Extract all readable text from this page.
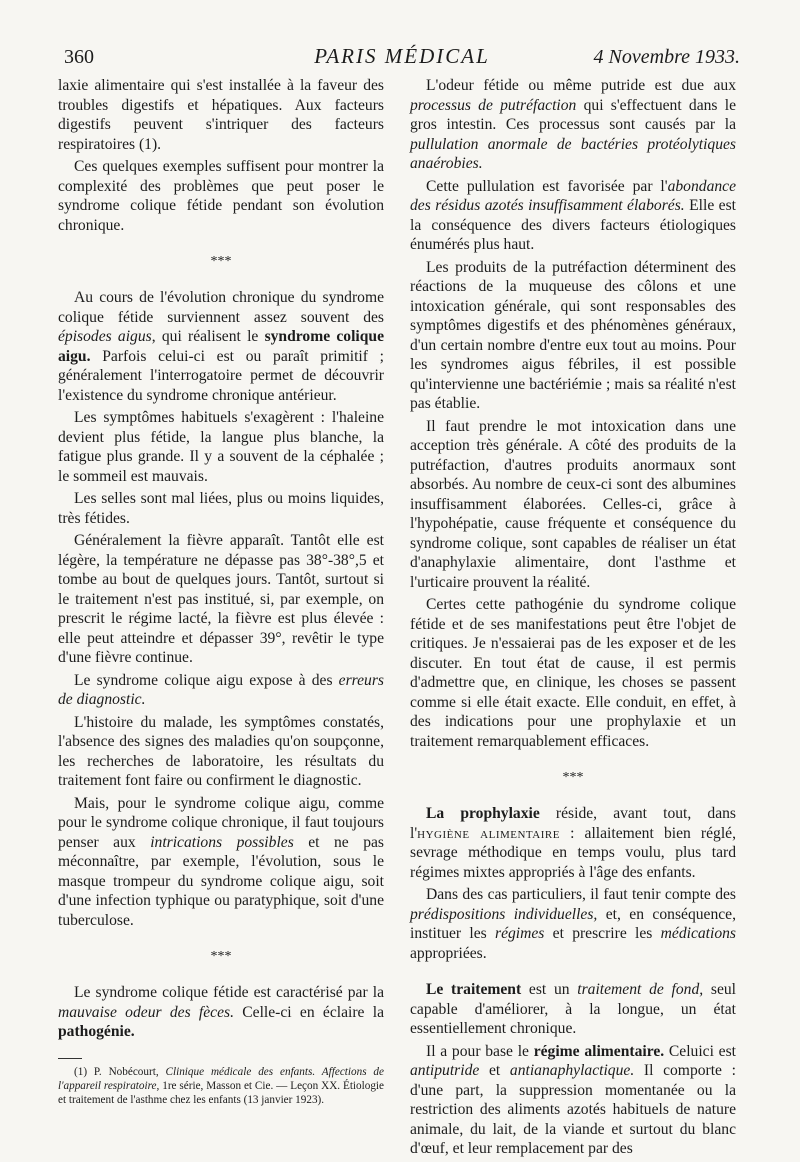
360	PARIS MÉDICAL	4 Novembre 1933.

laxie alimentaire qui s'est installée à la faveur des troubles digestifs et hépatiques. Aux facteurs digestifs peuvent s'intriquer des facteurs respiratoires (1).

Ces quelques exemples suffisent pour montrer la complexité des problèmes que peut poser le syndrome colique fétide pendant son évolution chronique.

***

Au cours de l'évolution chronique du syndrome colique fétide surviennent assez souvent des épisodes aigus, qui réalisent le syndrome colique aigu. Parfois celui-ci est ou paraît primitif ; généralement l'interrogatoire permet de découvrir l'existence du syndrome chronique antérieur.

Les symptômes habituels s'exagèrent : l'haleine devient plus fétide, la langue plus blanche, la fatigue plus grande. Il y a souvent de la céphalée ; le sommeil est mauvais.

Les selles sont mal liées, plus ou moins liquides, très fétides.

Généralement la fièvre apparaît. Tantôt elle est légère, la température ne dépasse pas 38°-38°,5 et tombe au bout de quelques jours. Tantôt, surtout si le traitement n'est pas institué, si, par exemple, on prescrit le régime lacté, la fièvre est plus élevée : elle peut atteindre et dépasser 39°, revêtir le type d'une fièvre continue.

Le syndrome colique aigu expose à des erreurs de diagnostic.

L'histoire du malade, les symptômes constatés, l'absence des signes des maladies qu'on soupçonne, les recherches de laboratoire, les résultats du traitement font faire ou confirment le diagnostic.

Mais, pour le syndrome colique aigu, comme pour le syndrome colique chronique, il faut toujours penser aux intrications possibles et ne pas méconnaître, par exemple, l'évolution, sous le masque trompeur du syndrome colique aigu, soit d'une infection typhique ou paratyphique, soit d'une tuberculose.

***

Le syndrome colique fétide est caractérisé par la mauvaise odeur des fèces. Celle-ci en éclaire la pathogénie.

(1) P. Nobécourt, Clinique médicale des enfants. Affections de l'appareil respiratoire, 1re série, Masson et Cie. — Leçon XX. Étiologie et traitement de l'asthme chez les enfants (13 janvier 1923).

L'odeur fétide ou même putride est due aux processus de putréfaction qui s'effectuent dans le gros intestin. Ces processus sont causés par la pullulation anormale de bactéries protéolytiques anaérobies.

Cette pullulation est favorisée par l'abondance des résidus azotés insuffisamment élaborés. Elle est la conséquence des divers facteurs étiologiques énumérés plus haut.

Les produits de la putréfaction déterminent des réactions de la muqueuse des côlons et une intoxication générale, qui sont responsables des symptômes digestifs et des phénomènes généraux, d'un certain nombre d'entre eux tout au moins. Pour les syndromes aigus fébriles, il est possible qu'intervienne une bactériémie ; mais sa réalité n'est pas établie.

Il faut prendre le mot intoxication dans une acception très générale. A côté des produits de la putréfaction, d'autres produits anormaux sont absorbés. Au nombre de ceux-ci sont des albumines insuffisamment élaborées. Celles-ci, grâce à l'hypohépatie, cause fréquente et conséquence du syndrome colique, sont capables de réaliser un état d'anaphylaxie alimentaire, dont l'asthme et l'urticaire prouvent la réalité.

Certes cette pathogénie du syndrome colique fétide et de ses manifestations peut être l'objet de critiques. Je n'essaierai pas de les exposer et de les discuter. En tout état de cause, il est permis d'admettre que, en clinique, les choses se passent comme si elle était exacte. Elle conduit, en effet, à des indications pour une prophylaxie et un traitement remarquablement efficaces.

***

La prophylaxie réside, avant tout, dans l'hygiène alimentaire : allaitement bien réglé, sevrage méthodique en temps voulu, plus tard régimes mixtes appropriés à l'âge des enfants.

Dans des cas particuliers, il faut tenir compte des prédispositions individuelles, et, en conséquence, instituer les régimes et prescrire les médications appropriées.

Le traitement est un traitement de fond, seul capable d'améliorer, à la longue, un état essentiellement chronique.

Il a pour base le régime alimentaire. Celuici est antiputride et antianaphylactique. Il comporte : d'une part, la suppression momentanée ou la restriction des aliments azotés habituels de nature animale, du lait, de la viande et surtout du blanc d'œuf, et leur remplacement par des
